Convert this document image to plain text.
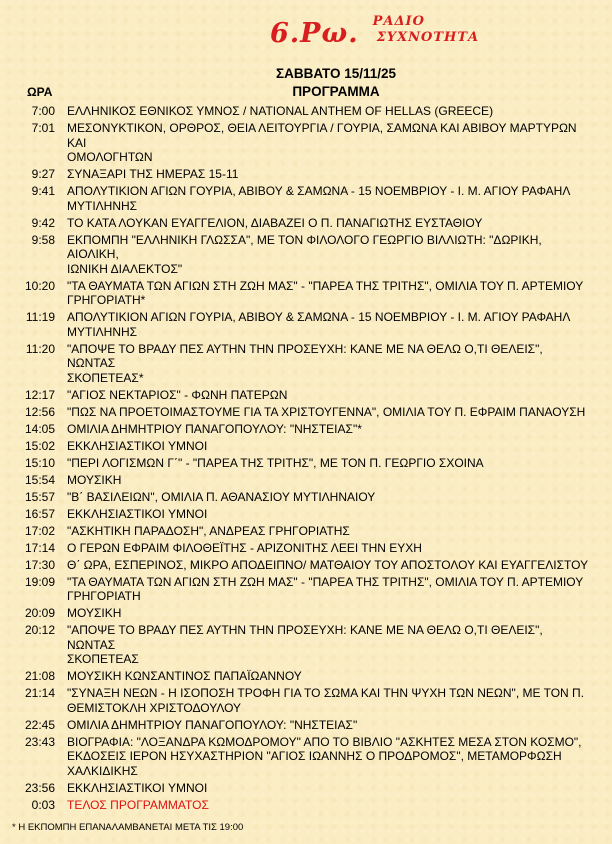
6.Ρω. ΡΑΔΙΟ
ΣΥΧΝΟΤΗΤΑ
ΣΑΒΒΑΤΟ 15/11/25
ΩΡΑ	ΠΡΟΓΡΑΜΜΑ
7:00 ΕΛΛΗΝΙΚΟΣ ΕΘΝΙΚΟΣ ΥΜΝΟΣ / NATIONAL ANTHEM OF HELLAS (GREECE)
7:01 ΜΕΣΟΝΥΚΤΙΚΟΝ, ΟΡΘΡΟΣ, ΘΕΙΑ ΛΕΙΤΟΥΡΓΙΑ / ΓΟΥΡΙΑ, ΣΑΜΩΝΑ ΚΑΙ ΑΒΙΒΟΥ ΜΑΡΤΥΡΩΝ ΚΑΙ
ΟΜΟΛΟΓΗΤΩΝ
9:27 ΣΥΝΑΞΑΡΙ ΤΗΣ ΗΜΕΡΑΣ 15-11
9:41 ΑΠΟΛΥΤΙΚΙΟΝ ΑΓΙΩΝ ΓΟΥΡΙΑ, ΑΒΙΒΟΥ & ΣΑΜΩΝΑ - 15 ΝΟΕΜΒΡΙΟΥ - Ι. Μ. ΑΓΙΟΥ ΡΑΦΑΗΛ
ΜΥΤΙΛΗΝΗΣ
9:42 ΤΟ ΚΑΤΑ ΛΟΥΚΑΝ ΕΥΑΓΓΕΛΙΟΝ, ΔΙΑΒΑΖΕΙ Ο Π. ΠΑΝΑΓΙΩΤΗΣ ΕΥΣΤΑΘΙΟΥ
9:58 ΕΚΠΟΜΠΗ "ΕΛΛΗΝΙΚΗ ΓΛΩΣΣΑ", ΜΕ ΤΟΝ ΦΙΛΟΛΟΓΟ ΓΕΩΡΓΙΟ ΒΙΛΛΙΩΤΗ: "ΔΩΡΙΚΗ, ΑΙΟΛΙΚΗ,
ΙΩΝΙΚΗ ΔΙΑΛΕΚΤΟΣ"
10:20 "ΤΑ ΘΑΥΜΑΤΑ ΤΩΝ ΑΓΙΩΝ ΣΤΗ ΖΩΗ ΜΑΣ" - "ΠΑΡΕΑ ΤΗΣ ΤΡΙΤΗΣ", ΟΜΙΛΙΑ ΤΟΥ Π. ΑΡΤΕΜΙΟΥ
ΓΡΗΓΟΡΙΑΤΗ*
11:19 ΑΠΟΛΥΤΙΚΙΟΝ ΑΓΙΩΝ ΓΟΥΡΙΑ, ΑΒΙΒΟΥ & ΣΑΜΩΝΑ - 15 ΝΟΕΜΒΡΙΟΥ - Ι. Μ. ΑΓΙΟΥ ΡΑΦΑΗΛ
ΜΥΤΙΛΗΝΗΣ
11:20 "ΑΠΟΨΕ ΤΟ ΒΡΑΔΥ ΠΕΣ ΑΥΤΗΝ ΤΗΝ ΠΡΟΣΕΥΧΗ: ΚΑΝΕ ΜΕ ΝΑ ΘΕΛΩ Ο,ΤΙ ΘΕΛΕΙΣ", ΝΩΝΤΑΣ
ΣΚΟΠΕΤΕΑΣ*
12:17 "ΑΓΙΟΣ ΝΕΚΤΑΡΙΟΣ" - ΦΩΝΗ ΠΑΤΕΡΩΝ
12:56 "ΠΩΣ ΝΑ ΠΡΟΕΤΟΙΜΑΣΤΟΥΜΕ ΓΙΑ ΤΑ ΧΡΙΣΤΟΥΓΕΝΝΑ", ΟΜΙΛΙΑ ΤΟΥ Π. ΕΦΡΑΙΜ ΠΑΝΑΟΥΣΗ
14:05 ΟΜΙΛΙΑ ΔΗΜΗΤΡΙΟΥ ΠΑΝΑΓΟΠΟΥΛΟΥ: "ΝΗΣΤΕΙΑΣ"*
15:02 ΕΚΚΛΗΣΙΑΣΤΙΚΟΙ ΥΜΝΟΙ
15:10 "ΠΕΡΙ ΛΟΓΙΣΜΩΝ Γ΄" - "ΠΑΡΕΑ ΤΗΣ ΤΡΙΤΗΣ", ΜΕ ΤΟΝ Π. ΓΕΩΡΓΙΟ ΣΧΟΙΝΑ
15:54 ΜΟΥΣΙΚΗ
15:57 "Β΄ ΒΑΣΙΛΕΙΩΝ", ΟΜΙΛΙΑ Π. ΑΘΑΝΑΣΙΟΥ ΜΥΤΙΛΗΝΑΙΟΥ
16:57 ΕΚΚΛΗΣΙΑΣΤΙΚΟΙ ΥΜΝΟΙ
17:02 "ΑΣΚΗΤΙΚΗ ΠΑΡΑΔΟΣΗ", ΑΝΔΡΕΑΣ ΓΡΗΓΟΡΙΑΤΗΣ
17:14 Ο ΓΕΡΩΝ ΕΦΡΑΙΜ ΦΙΛΟΘΕΪΤΗΣ - ΑΡΙΖΟΝΙΤΗΣ ΛΕΕΙ ΤΗΝ ΕΥΧΗ
17:30 Θ΄ ΩΡΑ, ΕΣΠΕΡΙΝΟΣ, ΜΙΚΡΟ ΑΠΟΔΕΙΠΝΟ/ ΜΑΤΘΑΙΟΥ ΤΟΥ ΑΠΟΣΤΟΛΟΥ ΚΑΙ ΕΥΑΓΓΕΛΙΣΤΟΥ
19:09 "ΤΑ ΘΑΥΜΑΤΑ ΤΩΝ ΑΓΙΩΝ ΣΤΗ ΖΩΗ ΜΑΣ" - "ΠΑΡΕΑ ΤΗΣ ΤΡΙΤΗΣ", ΟΜΙΛΙΑ ΤΟΥ Π. ΑΡΤΕΜΙΟΥ
ΓΡΗΓΟΡΙΑΤΗ
20:09 ΜΟΥΣΙΚΗ
20:12 "ΑΠΟΨΕ ΤΟ ΒΡΑΔΥ ΠΕΣ ΑΥΤΗΝ ΤΗΝ ΠΡΟΣΕΥΧΗ: ΚΑΝΕ ΜΕ ΝΑ ΘΕΛΩ Ο,ΤΙ ΘΕΛΕΙΣ", ΝΩΝΤΑΣ
ΣΚΟΠΕΤΕΑΣ
21:08 ΜΟΥΣΙΚΗ ΚΩΝΣΑΝΤΙΝΟΣ ΠΑΠΑΪΩΑΝΝΟΥ
21:14 "ΣΥΝΑΞΗ ΝΕΩΝ - Η ΙΣΟΠΟΣΗ ΤΡΟΦΗ ΓΙΑ ΤΟ ΣΩΜΑ ΚΑΙ ΤΗΝ ΨΥΧΗ ΤΩΝ ΝΕΩΝ", ΜΕ ΤΟΝ Π.
ΘΕΜΙΣΤΟΚΛΗ ΧΡΙΣΤΟΔΟΥΛΟΥ
22:45 ΟΜΙΛΙΑ ΔΗΜΗΤΡΙΟΥ ΠΑΝΑΓΟΠΟΥΛΟΥ: "ΝΗΣΤΕΙΑΣ"
23:43 ΒΙΟΓΡΑΦΙΑ: "ΛΟΞΑΝΔΡΑ ΚΩΜΟΔΡΟΜΟΥ" ΑΠΟ ΤΟ ΒΙΒΛΙΟ "ΑΣΚΗΤΕΣ ΜΕΣΑ ΣΤΟΝ ΚΟΣΜΟ",
ΕΚΔΟΣΕΙΣ ΙΕΡΟΝ ΗΣΥΧΑΣΤΗΡΙΟΝ "ΑΓΙΟΣ ΙΩΑΝΝΗΣ Ο ΠΡΟΔΡΟΜΟΣ", ΜΕΤΑΜΟΡΦΩΣΗ ΧΑΛΚΙΔΙΚΗΣ
23:56 ΕΚΚΛΗΣΙΑΣΤΙΚΟΙ ΥΜΝΟΙ
0:03 ΤΕΛΟΣ ΠΡΟΓΡΑΜΜΑΤΟΣ
* Η ΕΚΠΟΜΠΗ ΕΠΑΝΑΛΑΜΒΑΝΕΤΑΙ ΜΕΤΑ ΤΙΣ 19:00
